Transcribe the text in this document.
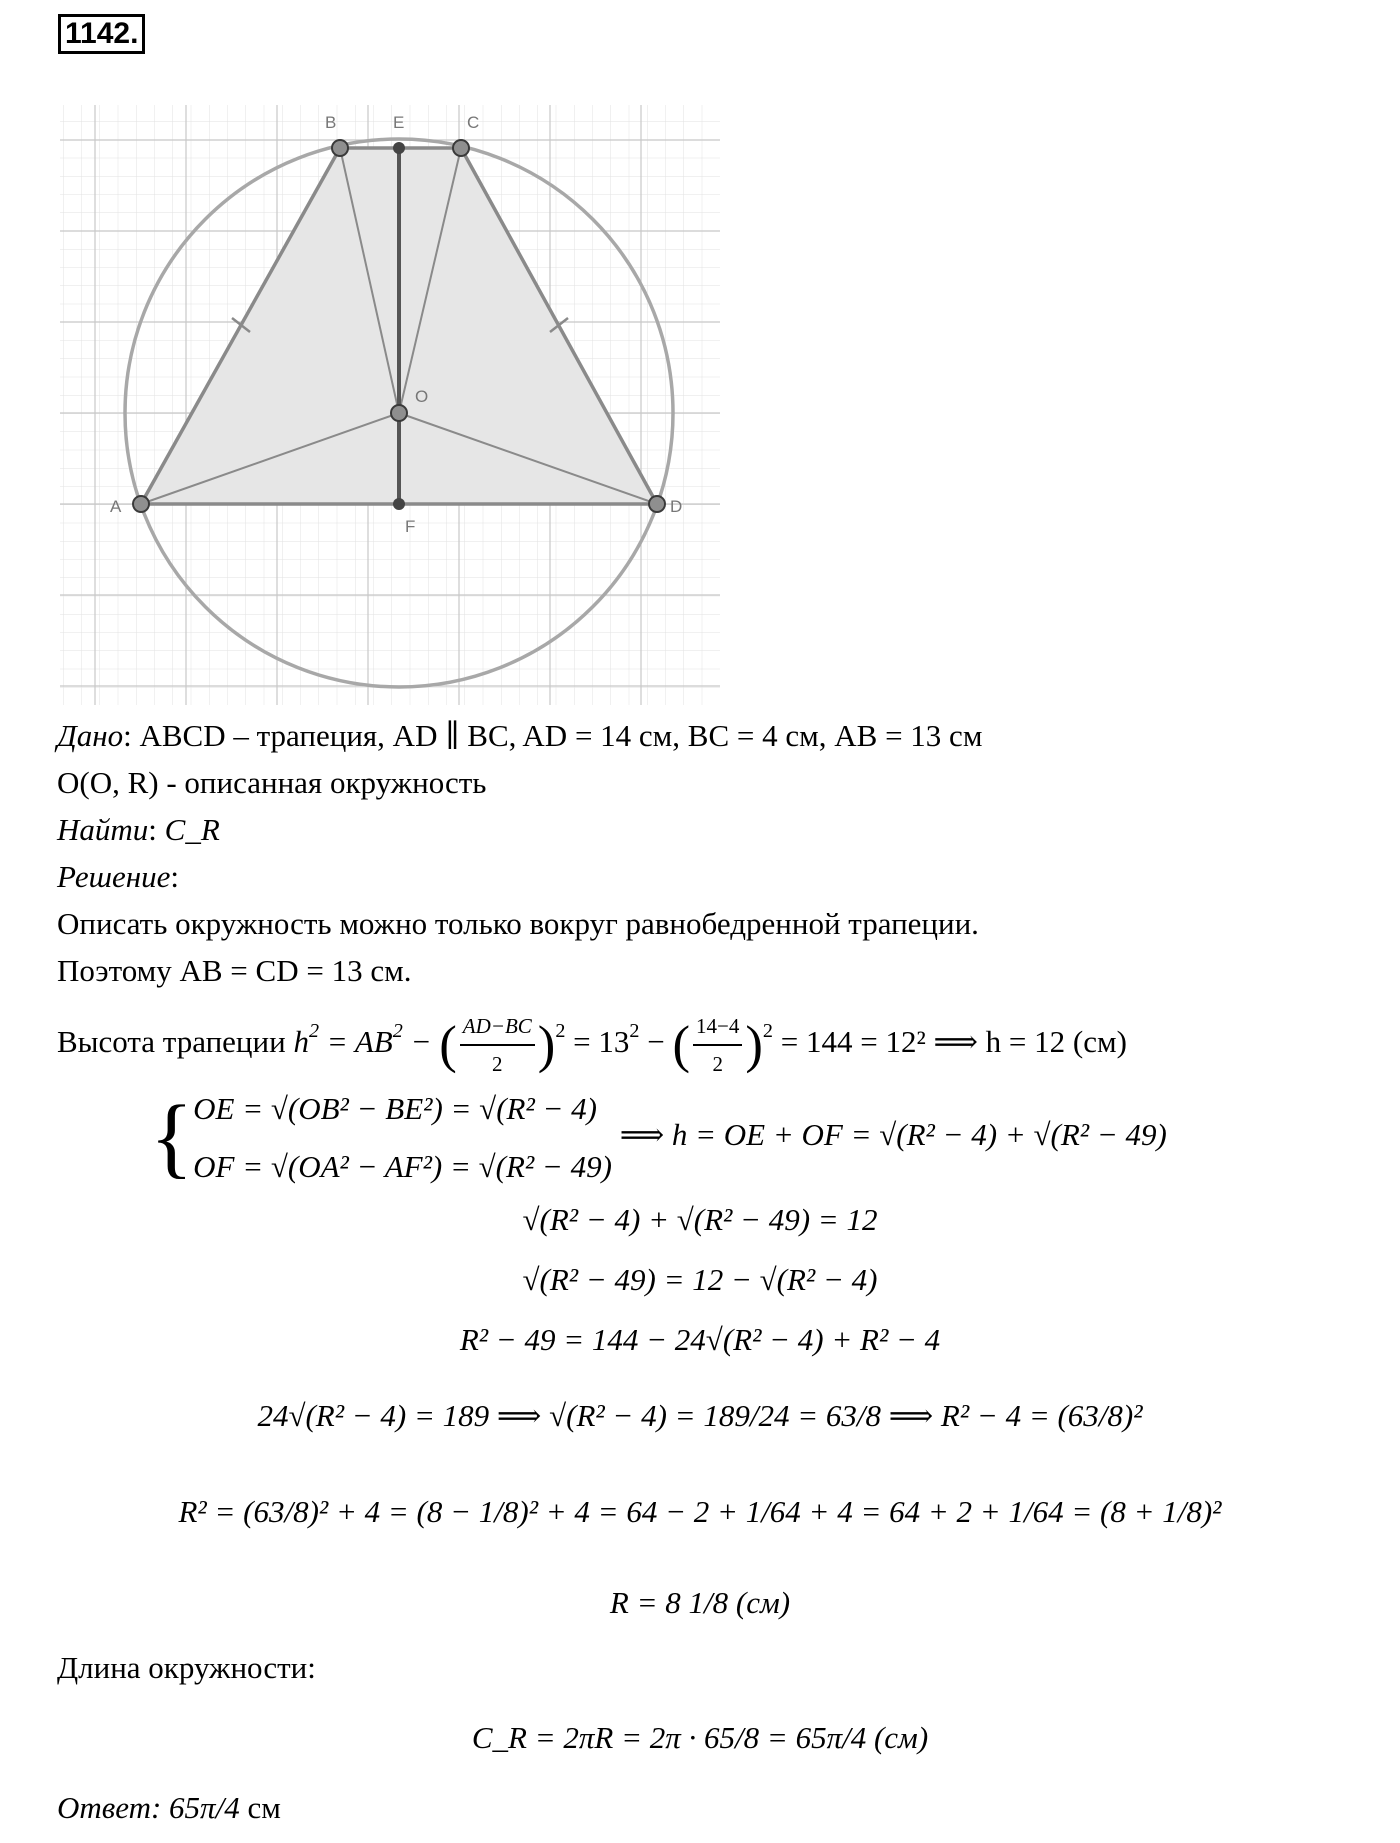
1142.
B	E	C
O
A
F
D
Дано: ABCD – трапеция, AD ∥ BC, AD = 14 см, BC = 4 см, AB = 13 см
O(O, R) - описанная окружность
Найти: C_R
Решение:
Описать окружность можно только вокруг равнобедренной трапеции.
Поэтому AB = CD = 13 см.
Высота трапеции $h^2 = AB^2$ − ( $\frac{AD-BC}{2} )^2 = 13^2$ − ( $\frac{14-4}{2} )^2 = 144 = 12^2$ ⟹ h = 12 (см)
{ OE = √(OB² − BE²) = √(R² − 4)
OF = √(OA² − AF²) = √(R² − 49)
⟹ h = OE + OF = √(R² − 4) + √(R² − 49)
√(R² − 4) + √(R² − 49) = 12
√(R² − 49) = 12 − √(R² − 4)
R² − 49 = 144 − 24√(R² − 4) + R² − 4
24√(R² − 4) = 189 ⟹ √(R² − 4) = 189/24 = 63/8 ⟹ R² − 4 = (63/8)²
R² = (63/8)² + 4 = (8 − 1/8)² + 4 = 64 − 2 + 1/64 + 4 = 64 + 2 + 1/64 = (8 + 1/8)²
R = 8 1/8 (см)
Длина окружности:
C_R = 2πR = 2π · 65/8 = 65π/4 (см)
Ответ: 65π/4 см
